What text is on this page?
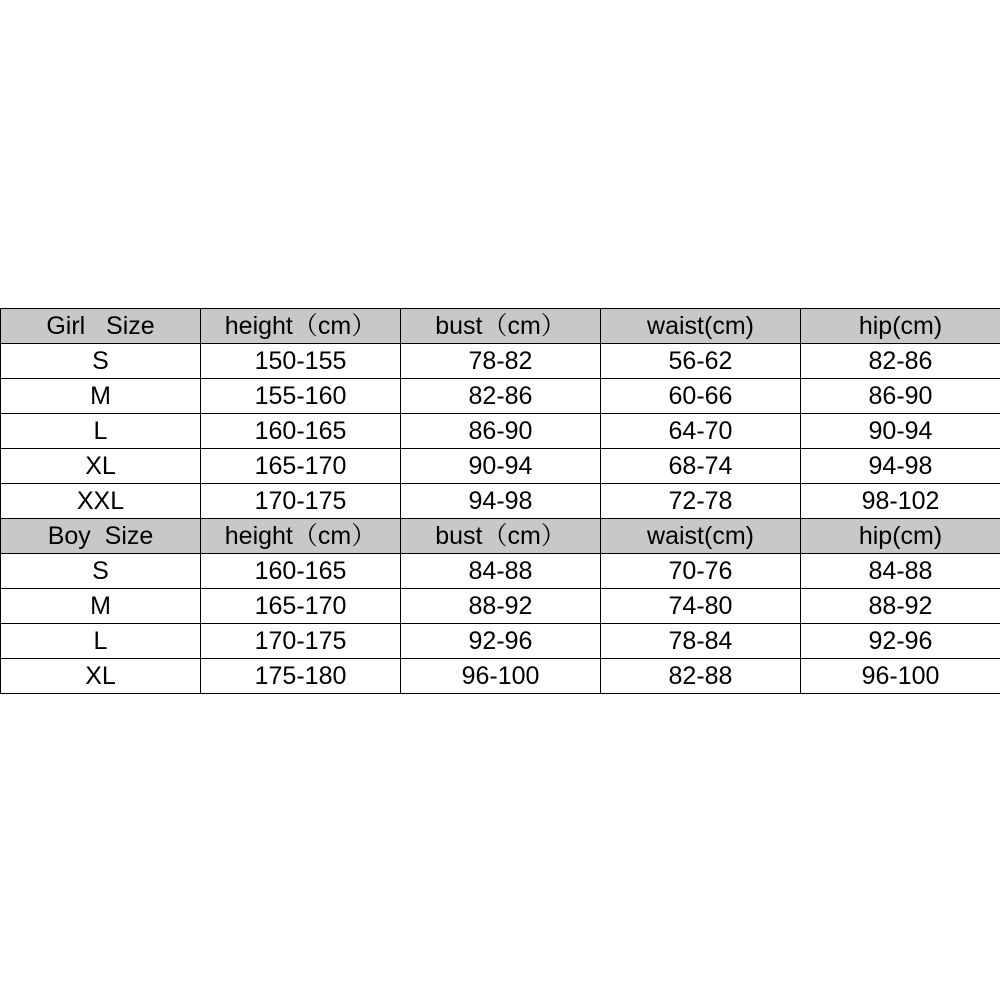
Girl   Size	height（cm）	bust（cm）	waist(cm)	hip(cm)
S	150-155	78-82	56-62	82-86
M	155-160	82-86	60-66	86-90
L	160-165	86-90	64-70	90-94
XL	165-170	90-94	68-74	94-98
XXL	170-175	94-98	72-78	98-102
Boy  Size	height（cm）	bust（cm）	waist(cm)	hip(cm)
S	160-165	84-88	70-76	84-88
M	165-170	88-92	74-80	88-92
L	170-175	92-96	78-84	92-96
XL	175-180	96-100	82-88	96-100
